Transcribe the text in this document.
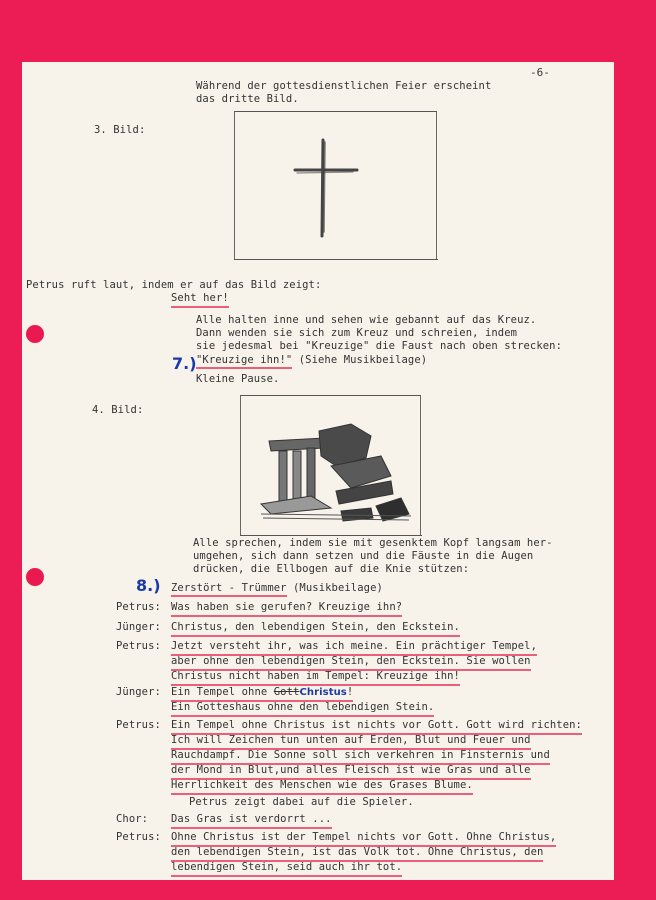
-6-
Während der gottesdienstlichen Feier erscheint
das dritte Bild.
3. Bild:
Petrus ruft laut, indem er auf das Bild zeigt:
Seht her!
Alle halten inne und sehen wie gebannt auf das Kreuz.
Dann wenden sie sich zum Kreuz und schreien, indem
sie jedesmal bei "Kreuzige" die Faust nach oben strecken:
7.) "Kreuzige ihn!" (Siehe Musikbeilage)
Kleine Pause.
4. Bild:
Alle sprechen, indem sie mit gesenktem Kopf langsam her-
umgehen, sich dann setzen und die Fäuste in die Augen
drücken, die Ellbogen auf die Knie stützen:
8.) Zerstört - Trümmer (Musikbeilage)
Petrus: Was haben sie gerufen? Kreuzige ihn?
Jünger: Christus, den lebendigen Stein, den Eckstein.
Petrus: Jetzt versteht ihr, was ich meine. Ein prächtiger Tempel,
aber ohne den lebendigen Stein, den Eckstein. Sie wollen
Christus nicht haben im Tempel: Kreuzige ihn!
Jünger: Ein Tempel ohne GottChristus!
Ein Gotteshaus ohne den lebendigen Stein.
Petrus: Ein Tempel ohne Christus ist nichts vor Gott. Gott wird richten:
Ich will Zeichen tun unten auf Erden, Blut und Feuer und
Rauchdampf. Die Sonne soll sich verkehren in Finsternis und
der Mond in Blut,und alles Fleisch ist wie Gras und alle
Herrlichkeit des Menschen wie des Grases Blume.
Petrus zeigt dabei auf die Spieler.
Chor: Das Gras ist verdorrt ...
Petrus: Ohne Christus ist der Tempel nichts vor Gott. Ohne Christus,
den lebendigen Stein, ist das Volk tot. Ohne Christus, den
lebendigen Stein, seid auch ihr tot.
